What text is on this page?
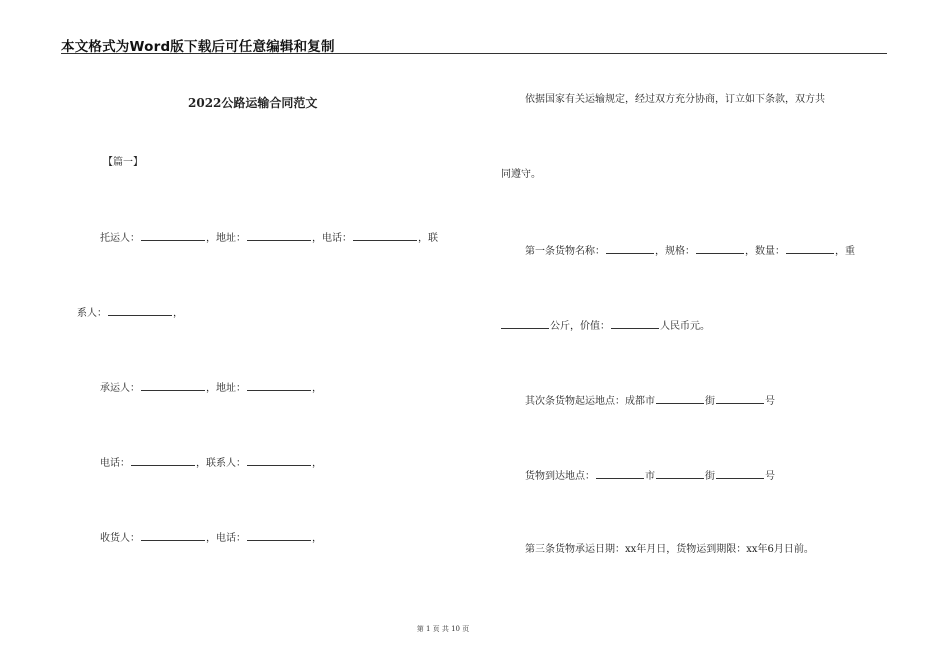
本文格式为Word版下载后可任意编辑和复制
2022公路运输合同范文
【篇一】
托运人：	，地址：	，电话：	，联
系人：	，
承运人：	，地址：	，
电话：	，联系人：	，
收货人：	，电话：	，
依据国家有关运输规定，经过双方充分协商，订立如下条款，双方共
同遵守。
第一条货物名称：	，规格：	，数量：	，重
公斤，价值：	人民币元。
其次条货物起运地点：成都市	街	号
货物到达地点：	市	街	号
第三条货物承运日期：xx年月日，货物运到期限：xx年6月日前。
第 1 页 共 10 页
